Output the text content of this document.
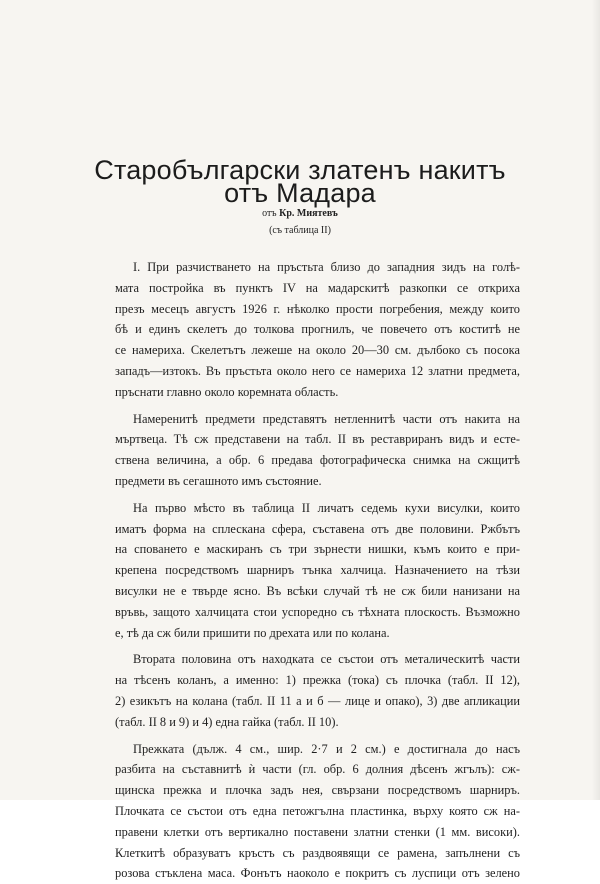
Старобългарски златенъ накитъ
отъ Мадара
отъ Кр. Миятевъ
(съ таблица II)
I. При разчистването на пръстьта близо до западния зидъ на голѣ-
мата постройка въ пунктъ IV на мадарскитѣ разкопки се откриха
презъ месецъ августъ 1926 г. нѣколко прости погребения, между които
бѣ и единъ скелетъ до толкова прогнилъ, че повечето отъ коститѣ не
се намериха. Скелетътъ лежеше на около 20—30 см. дълбоко съ посока
западъ—изтокъ. Въ пръстьта около него се намериха 12 златни предмета,
пръснати главно около коремната область.
Намеренитѣ предмети представятъ нетленнитѣ части отъ накита на
мъртвеца. Тѣ сж представени на табл. II въ реставриранъ видъ и есте-
ствена величина, а обр. 6 предава фотографическа снимка на сжщитѣ
предмети въ сегашното имъ състояние.
На първо мѣсто въ таблица II личатъ седемь кухи висулки, които
иматъ форма на сплескана сфера, съставена отъ две половини. Ржбътъ
на споването е маскиранъ съ три зърнести нишки, къмъ които е при-
крепена посредствомъ шарниръ тънка халчица. Назначението на тѣзи
висулки не е твърде ясно. Въ всѣки случай тѣ не сж били нанизани на
връвь, защото халчицата стои успоредно съ тѣхната плоскость. Възможно
е, тѣ да сж били пришити по дрехата или по колана.
Втората половина отъ находката се състои отъ металическитѣ части
на тѣсенъ коланъ, а именно: 1) прежка (тока) съ плочка (табл. II 12),
2) езикътъ на колана (табл. II 11 а и б — лице и опако), 3) две апликации
(табл. II 8 и 9) и 4) една гайка (табл. II 10).
Прежката (дълж. 4 см., шир. 2·7 и 2 см.) е достигнала до насъ
разбита на съставнитѣ ѝ части (гл. обр. 6 долния дѣсенъ жгълъ): сж-
щинска прежка и плочка задъ нея, свързани посредствомъ шарниръ.
Плочката се състои отъ една петожгълна пластинка, върху която сж на-
правени клетки отъ вертикално поставени златни стенки (1 мм. високи).
Клеткитѣ образуватъ кръстъ съ раздвоявящи се рамена, запълнени съ
розова стъклена маса. Фонътъ наоколо е покритъ съ луспици отъ зелено
